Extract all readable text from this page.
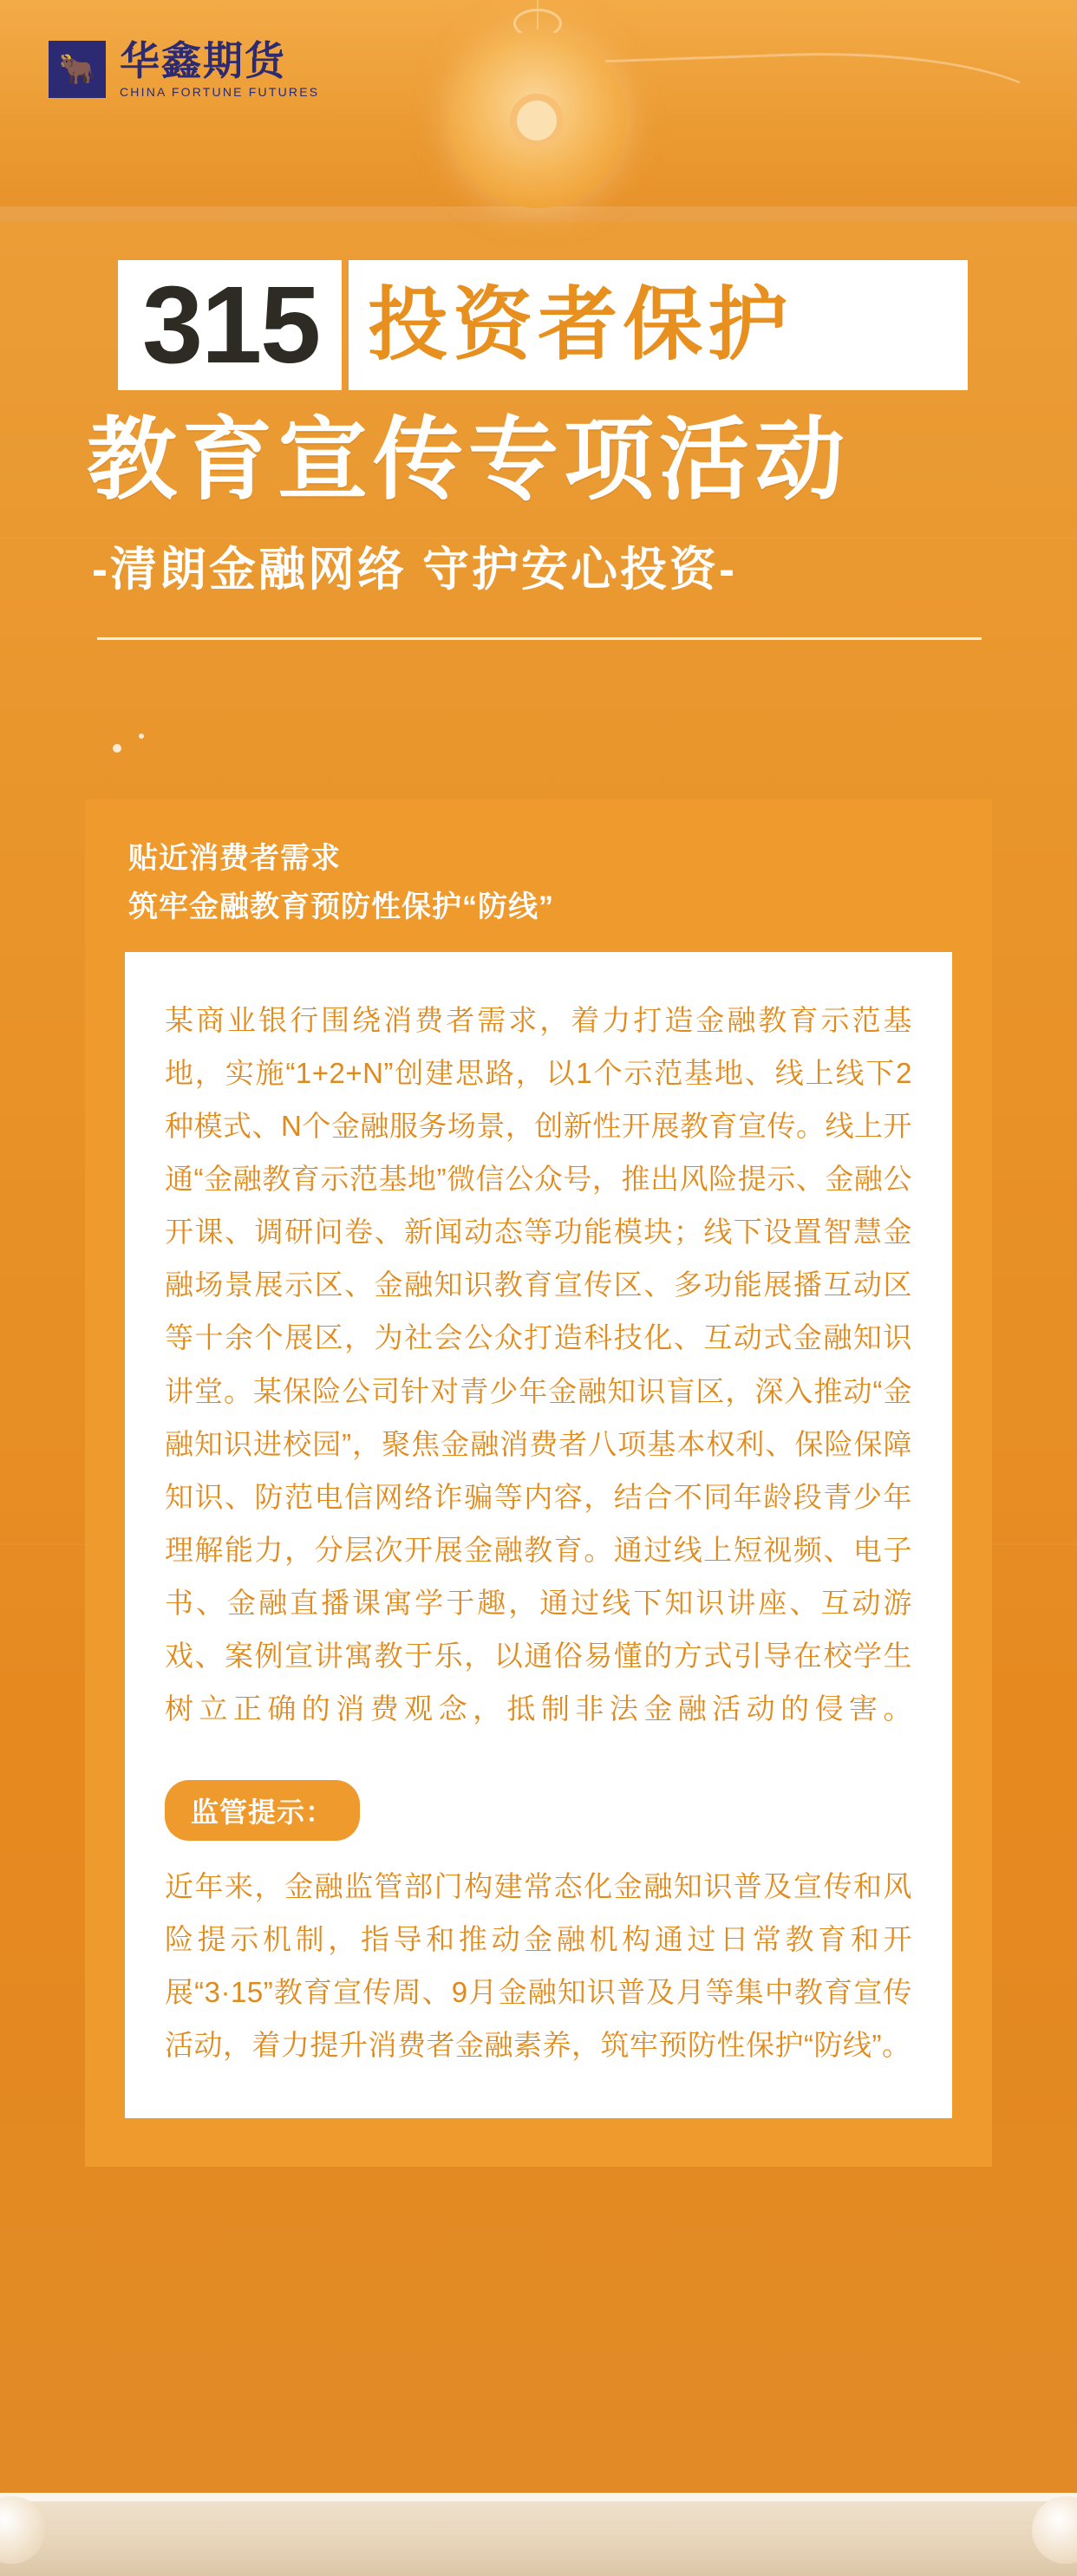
🐂 华鑫期货
CHINA FORTUNE FUTURES
315 投资者保护
教育宣传专项活动
-清朗金融网络 守护安心投资-
贴近消费者需求
筑牢金融教育预防性保护“防线”

某商业银行围绕消费者需求，着力打造金融教育示范基地，实施“1+2+N”创建思路，以1个示范基地、线上线下2种模式、N个金融服务场景，创新性开展教育宣传。线上开通“金融教育示范基地”微信公众号，推出风险提示、金融公开课、调研问卷、新闻动态等功能模块；线下设置智慧金融场景展示区、金融知识教育宣传区、多功能展播互动区等十余个展区，为社会公众打造科技化、互动式金融知识讲堂。某保险公司针对青少年金融知识盲区，深入推动“金融知识进校园”，聚焦金融消费者八项基本权利、保险保障知识、防范电信网络诈骗等内容，结合不同年龄段青少年理解能力，分层次开展金融教育。通过线上短视频、电子书、金融直播课寓学于趣，通过线下知识讲座、互动游戏、案例宣讲寓教于乐，以通俗易懂的方式引导在校学生树立正确的消费观念，抵制非法金融活动的侵害。

监管提示：

近年来，金融监管部门构建常态化金融知识普及宣传和风险提示机制，指导和推动金融机构通过日常教育和开展“3·15”教育宣传周、9月金融知识普及月等集中教育宣传活动，着力提升消费者金融素养，筑牢预防性保护“防线”。
